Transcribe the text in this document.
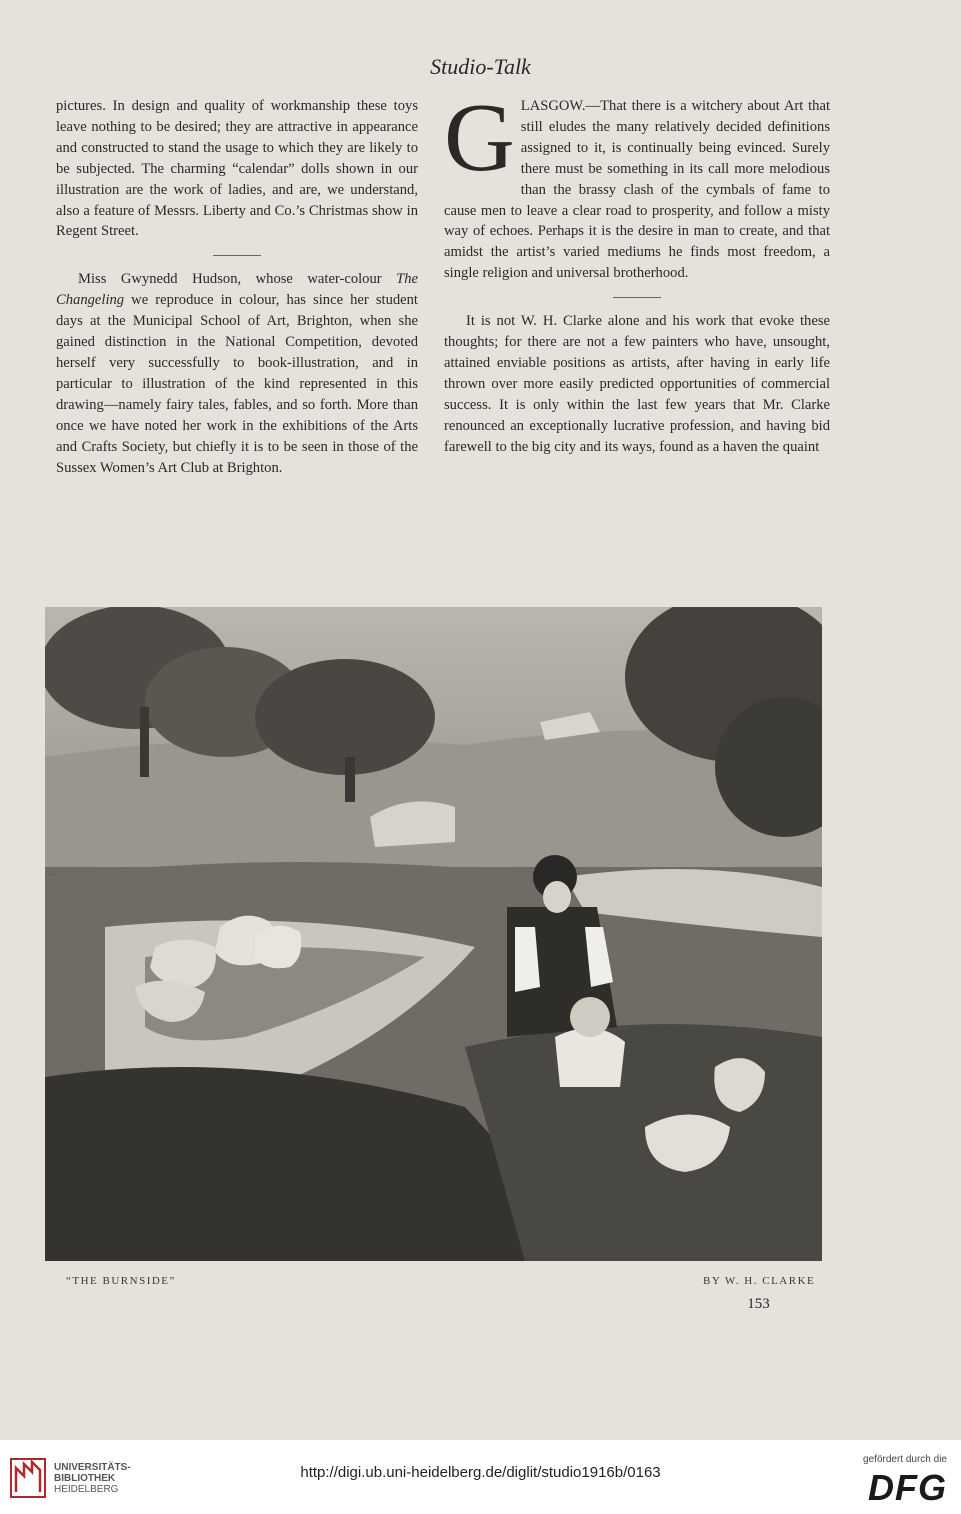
Studio-Talk

pictures. In design and quality of workmanship these toys leave nothing to be desired; they are attractive in appearance and constructed to stand the usage to which they are likely to be subjected. The charming “calendar” dolls shown in our illustration are the work of ladies, and are, we understand, also a feature of Messrs. Liberty and Co.’s Christmas show in Regent Street.

Miss Gwynedd Hudson, whose water-colour The Changeling we reproduce in colour, has since her student days at the Municipal School of Art, Brighton, when she gained distinction in the National Competition, devoted herself very successfully to book-illustration, and in particular to illustration of the kind represented in this drawing—namely fairy tales, fables, and so forth. More than once we have noted her work in the exhibitions of the Arts and Crafts Society, but chiefly it is to be seen in those of the Sussex Women’s Art Club at Brighton.

GLASGOW.—That there is a witchery about Art that still eludes the many relatively decided definitions assigned to it, is continually being evinced. Surely there must be something in its call more melodious than the brassy clash of the cymbals of fame to cause men to leave a clear road to prosperity, and follow a misty way of echoes. Perhaps it is the desire in man to create, and that amidst the artist’s varied mediums he finds most freedom, a single religion and universal brotherhood.

It is not W. H. Clarke alone and his work that evoke these thoughts; for there are not a few painters who have, unsought, attained enviable positions as artists, after having in early life thrown over more easily predicted opportunities of commercial success. It is only within the last few years that Mr. Clarke renounced an exceptionally lucrative profession, and having bid farewell to the big city and its ways, found as a haven the quaint

“THE BURNSIDE”	BY W. H. CLARKE
153
UNIVERSITÄTS-
BIBLIOTHEK
HEIDELBERG
http://digi.ub.uni-heidelberg.de/diglit/studio1916b/0163
gefördert durch die
DFG
